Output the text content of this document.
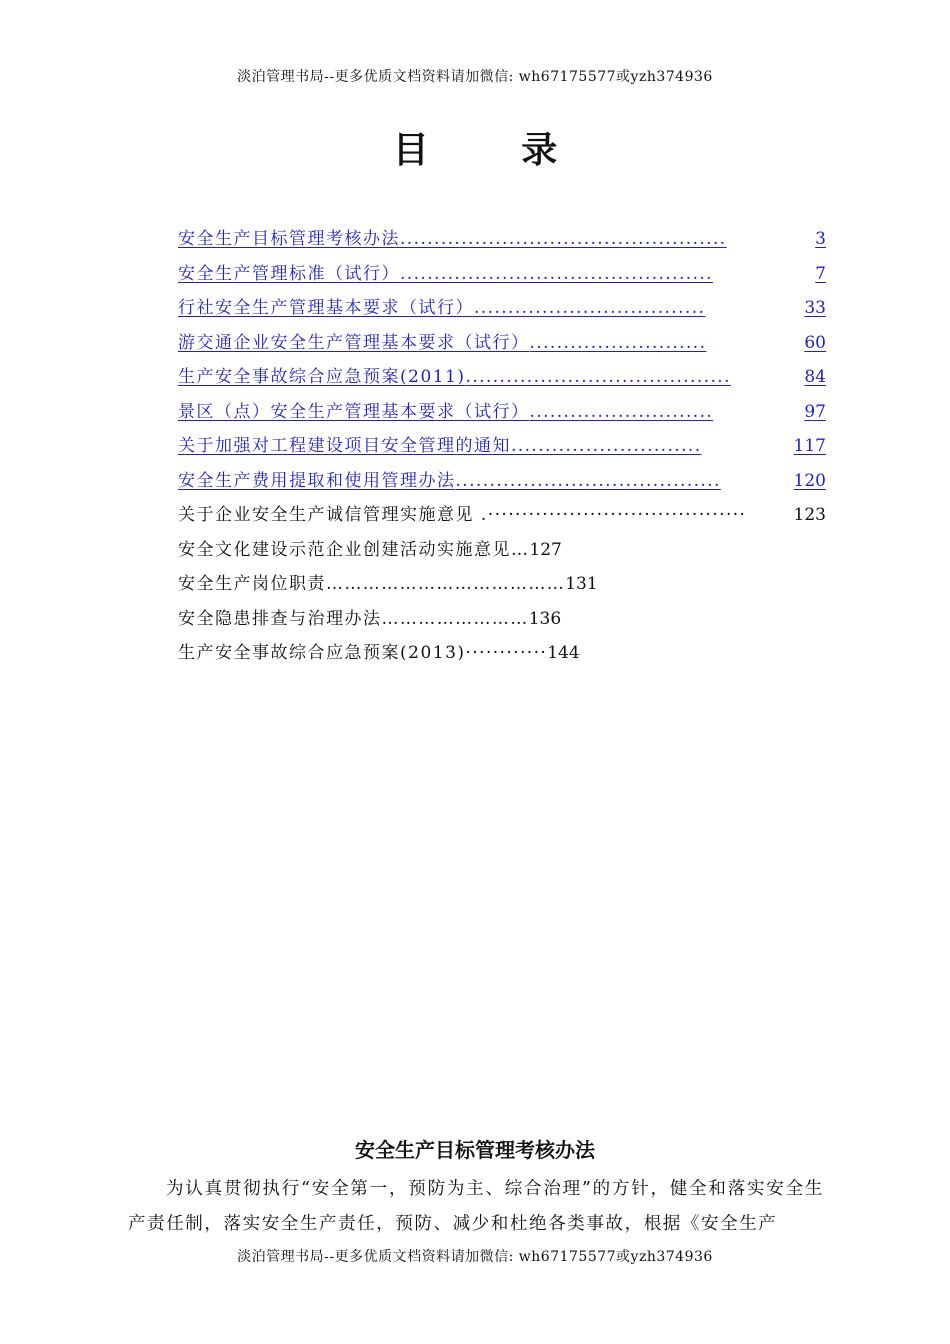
淡泊管理书局--更多优质文档资料请加微信: wh67175577或yzh374936
目 录
安全生产目标管理考核办法 ................................................	3
安全生产管理标准（试行） ..............................................	7
行社安全生产管理基本要求（试行） ..................................	33
游交通企业安全生产管理基本要求（试行） ..........................	60
生产安全事故综合应急预案(2011) .......................................	84
景区（点）安全生产管理基本要求（试行） ...........................	97
关于加强对工程建设项目安全管理的通知 ............................	117
安全生产费用提取和使用管理办法 .......................................	120
关于企业安全生产诚信管理实施意见 . ······································	123
安全文化建设示范企业创建活动实施意见 … 127
安全生产岗位职责 ………………………………… 131
安全隐患排查与治理办法 …………………… 136
生产安全事故综合应急预案(2013) ············ 144
安全生产目标管理考核办法
为认真贯彻执行“安全第一，预防为主、综合治理”的方针，健全和落实安全生产责任制，落实安全生产责任，预防、减少和杜绝各类事故，根据《安全生产
淡泊管理书局--更多优质文档资料请加微信: wh67175577或yzh374936
